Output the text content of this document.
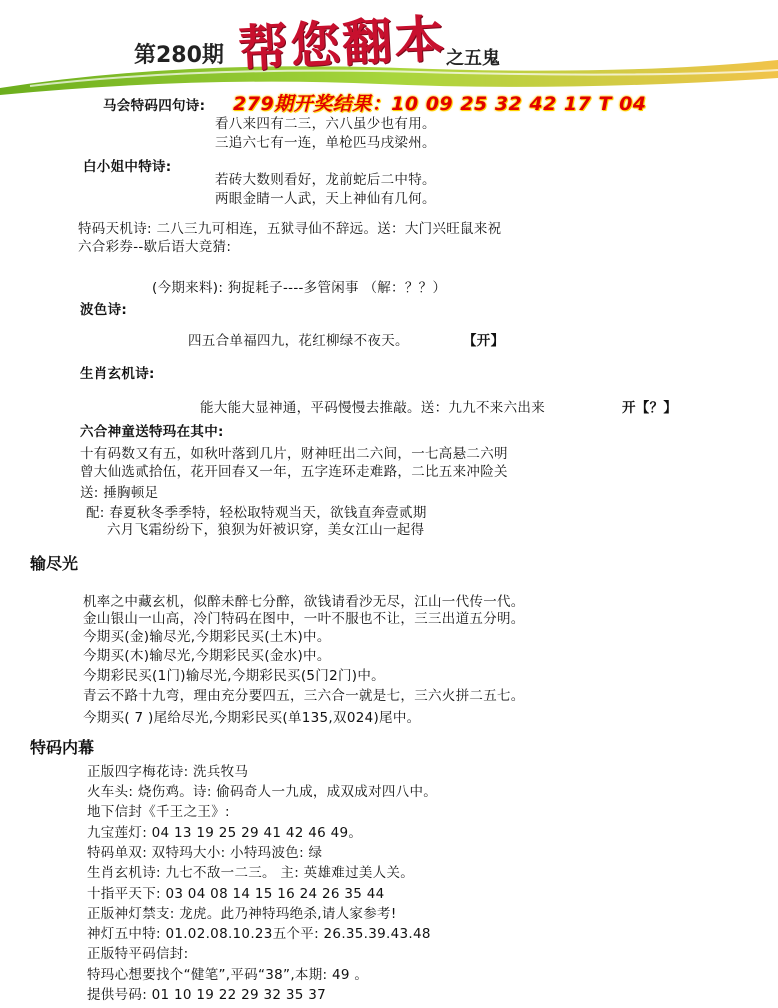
第280期 帮您翻本
之五鬼
马会特码四句诗: 279期开奖结果：10 09 25 32 42 17 T 04
看八来四有二三，六八虽少也有用。
三追六七有一连，单枪匹马戌梁州。
白小姐中特诗:
若砖大数则看好，龙前蛇后二中特。
两眼金睛一人武，天上神仙有几何。
特码天机诗: 二八三九可相连，五狱寻仙不辞远。送：大门兴旺鼠来祝
六合彩券--歇后语大竞猜:
(今期来料): 狗捉耗子----多管闲事 （解：？？）
波色诗:
四五合单福四九，花红柳绿不夜天。	【开】
生肖玄机诗:
能大能大显神通，平码慢慢去推敲。送：九九不来六出来	开【？】
六合神童送特玛在其中:
十有码数又有五，如秋叶落到几片，财神旺出二六间，一七高悬二六明
曾大仙选贰拾伍，花开回春又一年，五字连环走难路，二比五来冲险关
送: 捶胸顿足
配: 春夏秋冬季季特，轻松取特观当天，欲钱直奔壹贰期
六月飞霜纷纷下，狼狈为奸被识穿，美女江山一起得
输尽光
机率之中藏玄机，似醉未醉七分醉，欲钱请看沙无尽，江山一代传一代。
金山银山一山高，冷门特码在图中，一叶不服也不让，三三出道五分明。
今期买(金)输尽光,今期彩民买(土木)中。
今期买(木)输尽光,今期彩民买(金水)中。
今期彩民买(1门)输尽光,今期彩民买(5门2门)中。
青云不路十九弯，理由充分要四五，三六合一就是七，三六火拼二五七。
今期买( 7 )尾给尽光,今期彩民买(单135,双024)尾中。
特码内幕
正版四字梅花诗: 洗兵牧马
火车头: 烧伤鸡。诗: 偷码奇人一九成，成双成对四八中。
地下信封《千王之王》:
九宝莲灯: 04 13 19 25 29 41 42 46 49。
特码单双: 双特玛大小: 小特玛波色: 绿
生肖玄机诗: 九七不敌一二三。 主: 英雄难过美人关。
十指平天下: 03 04 08 14 15 16 24 26 35 44
正版神灯禁支: 龙虎。此乃神特玛绝杀,请人家参考!
神灯五中特: 01.02.08.10.23五个平: 26.35.39.43.48
正版特平码信封:
特玛心想要找个“健笔”,平码“38”,本期: 49 。
提供号码: 01 10 19 22 29 32 35 37
